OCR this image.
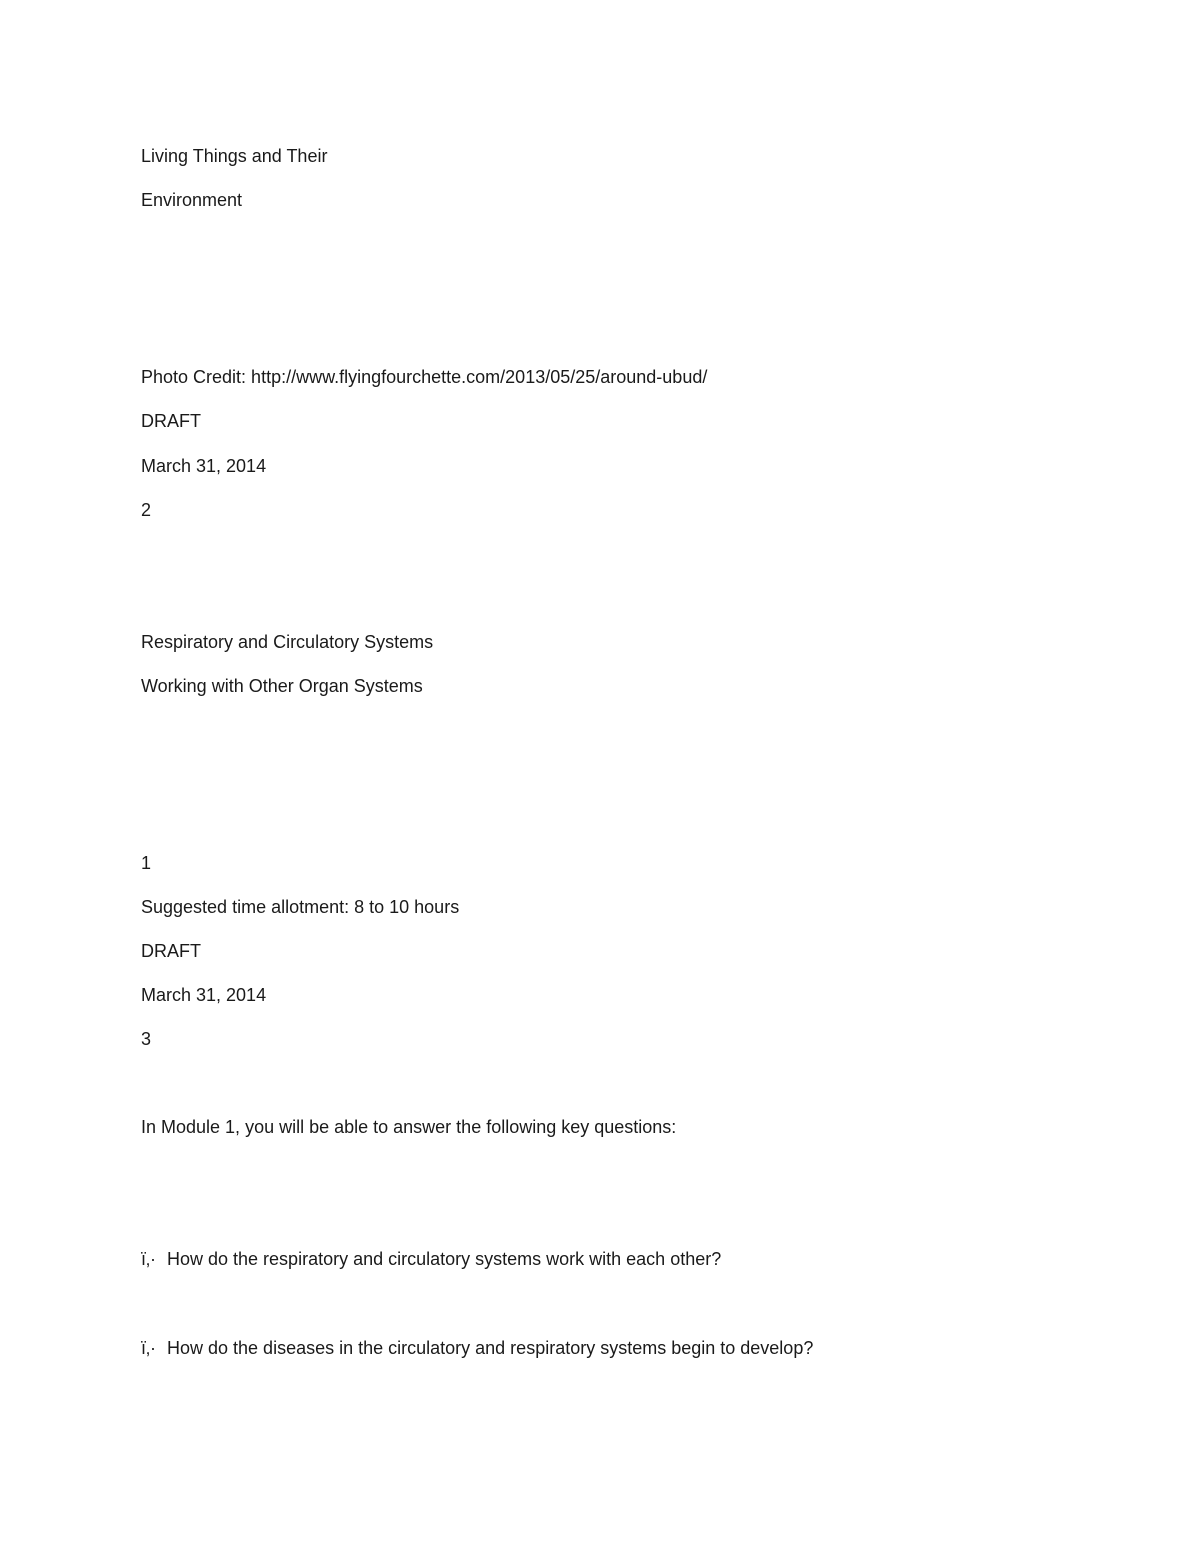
Living Things and Their
Environment
Photo Credit: http://www.flyingfourchette.com/2013/05/25/around-ubud/
DRAFT
March 31, 2014
2
Respiratory and Circulatory Systems
Working with Other Organ Systems
1
Suggested time allotment: 8 to 10 hours
DRAFT
March 31, 2014
3
In Module 1, you will be able to answer the following key questions:
ï‚· How do the respiratory and circulatory systems work with each other?
ï‚· How do the diseases in the circulatory and respiratory systems begin to develop?
